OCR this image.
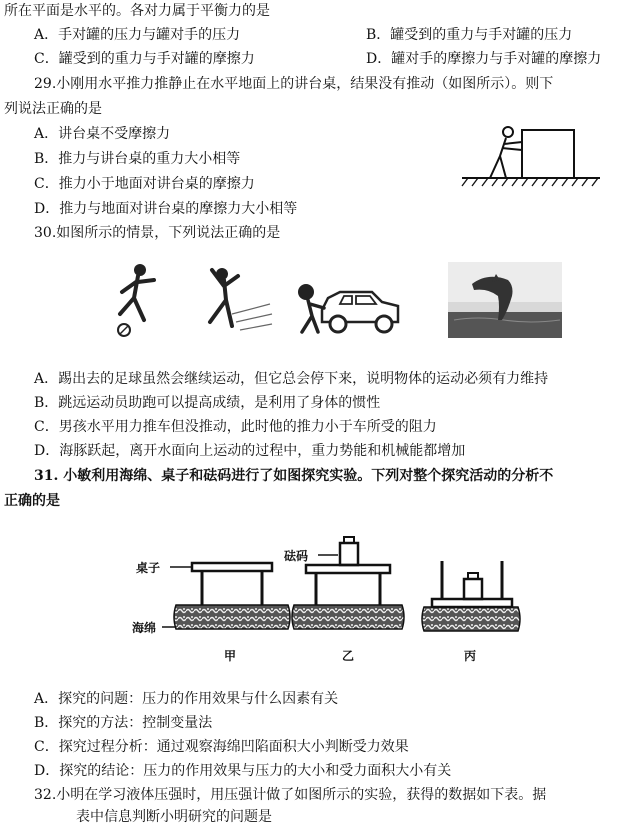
所在平面是水平的。各对力属于平衡力的是
A．手对罐的压力与罐对手的压力	B．罐受到的重力与手对罐的压力
C．罐受到的重力与手对罐的摩擦力	D．罐对手的摩擦力与手对罐的摩擦力
29.小刚用水平推力推静止在水平地面上的讲台桌，结果没有推动（如图所示）。则下
列说法正确的是
A．讲台桌不受摩擦力
B．推力与讲台桌的重力大小相等
C．推力小于地面对讲台桌的摩擦力
D．推力与地面对讲台桌的摩擦力大小相等
30.如图所示的情景，下列说法正确的是
A．踢出去的足球虽然会继续运动，但它总会停下来，说明物体的运动必须有力维持
B．跳远运动员助跑可以提高成绩，是利用了身体的惯性
C．男孩水平用力推车但没推动，此时他的推力小于车所受的阻力
D．海豚跃起，离开水面向上运动的过程中，重力势能和机械能都增加
31. 小敏利用海绵、桌子和砝码进行了如图探究实验。下列对整个探究活动的分析不
正确的是
桌子
砝码
海绵
甲	乙	丙
A．探究的问题：压力的作用效果与什么因素有关
B．探究的方法：控制变量法
C．探究过程分析：通过观察海绵凹陷面积大小判断受力效果
D．探究的结论：压力的作用效果与压力的大小和受力面积大小有关
32.小明在学习液体压强时，用压强计做了如图所示的实验，获得的数据如下表。据
表中信息判断小明研究的问题是
